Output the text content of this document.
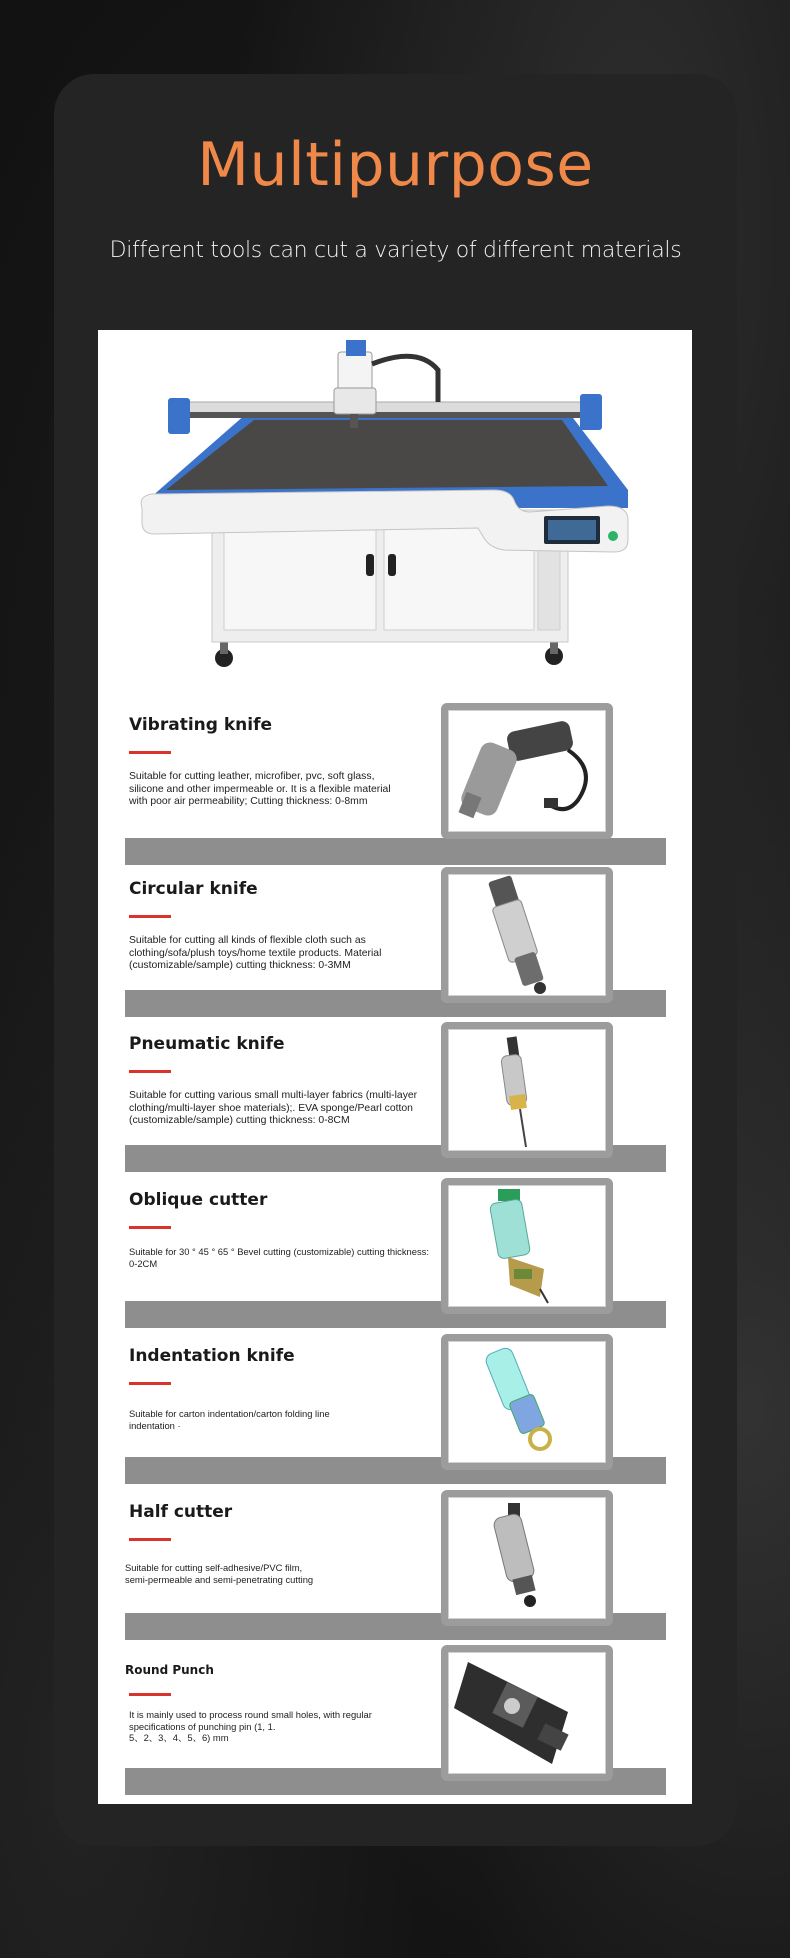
Multipurpose
Different tools can cut a variety of different materials
Vibrating knife
Suitable for cutting leather, microfiber, pvc, soft glass,
silicone and other impermeable or. It is a flexible material
with poor air permeability; Cutting thickness: 0-8mm
Circular knife
Suitable for cutting all kinds of flexible cloth such as
clothing/sofa/plush toys/home textile products. Material
(customizable/sample) cutting thickness: 0-3MM
Pneumatic knife
Suitable for cutting various small multi-layer fabrics (multi-layer
clothing/multi-layer shoe materials);. EVA sponge/Pearl cotton
(customizable/sample) cutting thickness: 0-8CM
Oblique cutter
Suitable for 30 ° 45 ° 65 ° Bevel cutting (customizable) cutting thickness:
0-2CM
Indentation knife
Suitable for carton indentation/carton folding line
indentation ·
Half cutter
Suitable for cutting self-adhesive/PVC film,
semi-permeable and semi-penetrating cutting
Round Punch
It is mainly used to process round small holes, with regular
specifications of punching pin (1, 1.
5、2、3、4、5、6) mm
